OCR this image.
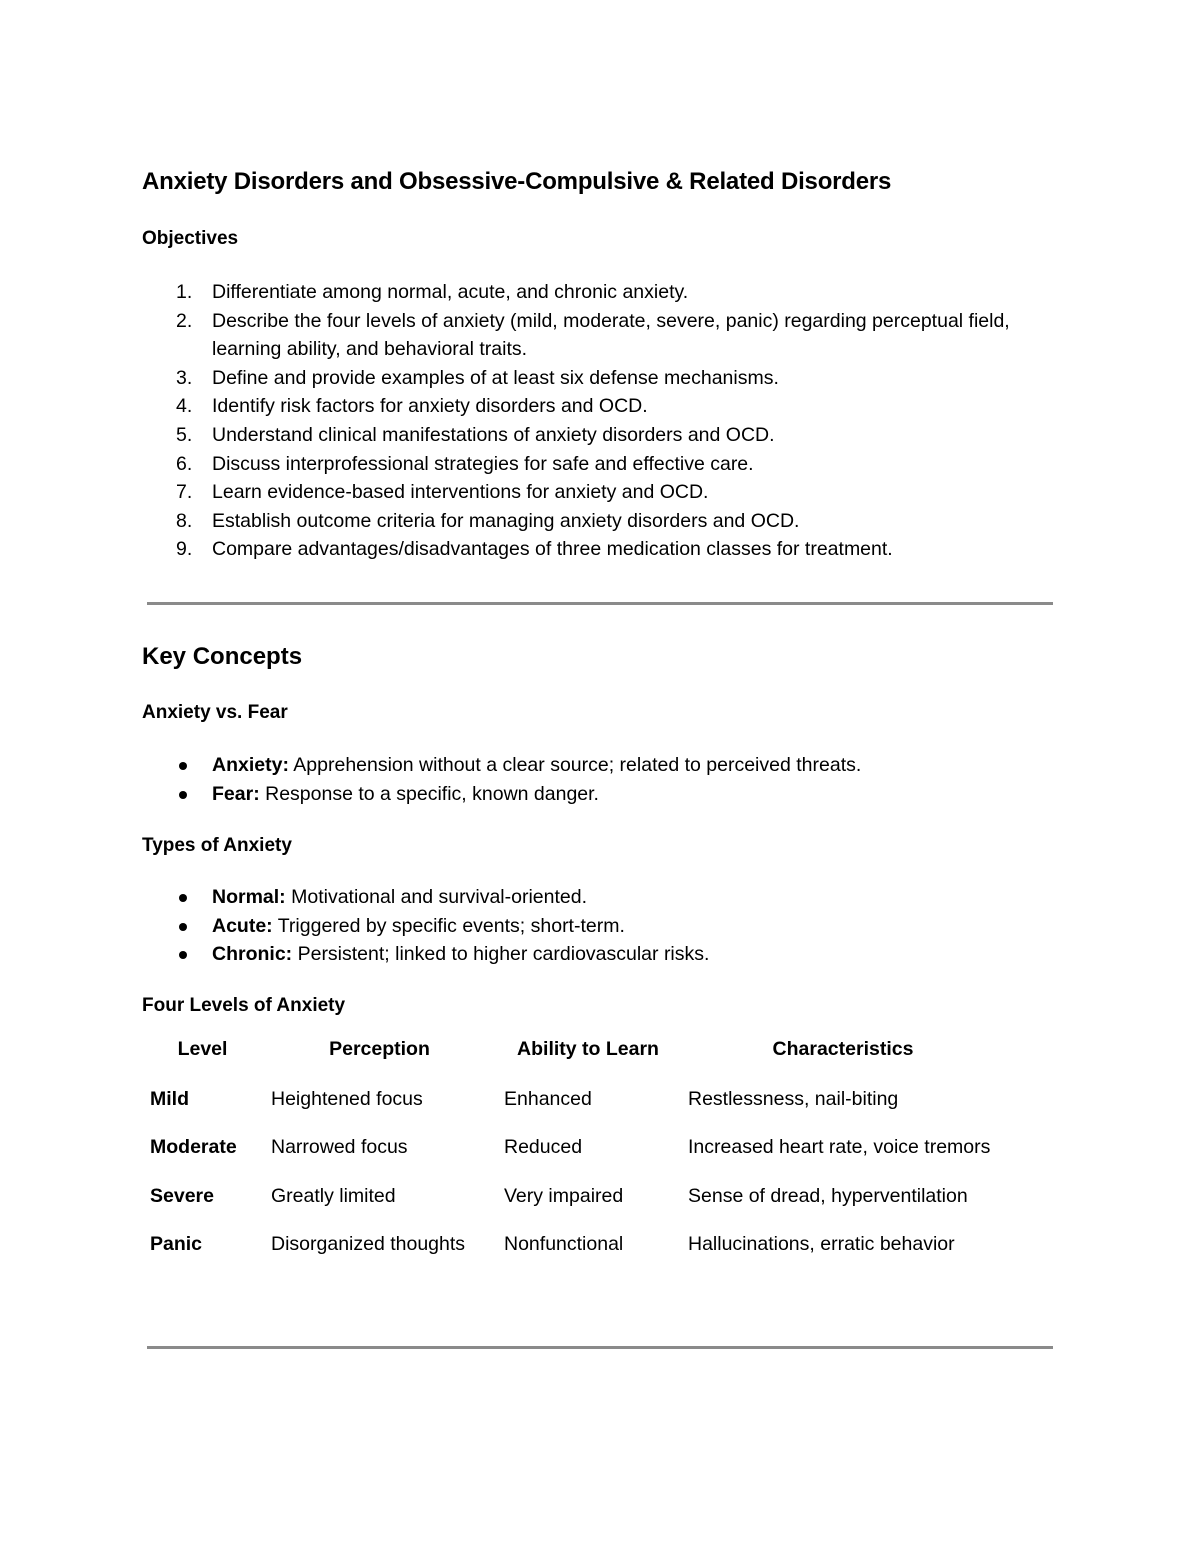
Anxiety Disorders and Obsessive-Compulsive & Related Disorders
Objectives
1. Differentiate among normal, acute, and chronic anxiety.
2. Describe the four levels of anxiety (mild, moderate, severe, panic) regarding perceptual field, learning ability, and behavioral traits.
3. Define and provide examples of at least six defense mechanisms.
4. Identify risk factors for anxiety disorders and OCD.
5. Understand clinical manifestations of anxiety disorders and OCD.
6. Discuss interprofessional strategies for safe and effective care.
7. Learn evidence-based interventions for anxiety and OCD.
8. Establish outcome criteria for managing anxiety disorders and OCD.
9. Compare advantages/disadvantages of three medication classes for treatment.
Key Concepts
Anxiety vs. Fear
Anxiety: Apprehension without a clear source; related to perceived threats.
Fear: Response to a specific, known danger.
Types of Anxiety
Normal: Motivational and survival-oriented.
Acute: Triggered by specific events; short-term.
Chronic: Persistent; linked to higher cardiovascular risks.
Four Levels of Anxiety
Level	Perception	Ability to Learn	Characteristics
Mild	Heightened focus	Enhanced	Restlessness, nail-biting
Moderate	Narrowed focus	Reduced	Increased heart rate, voice tremors
Severe	Greatly limited	Very impaired	Sense of dread, hyperventilation
Panic	Disorganized thoughts	Nonfunctional	Hallucinations, erratic behavior
